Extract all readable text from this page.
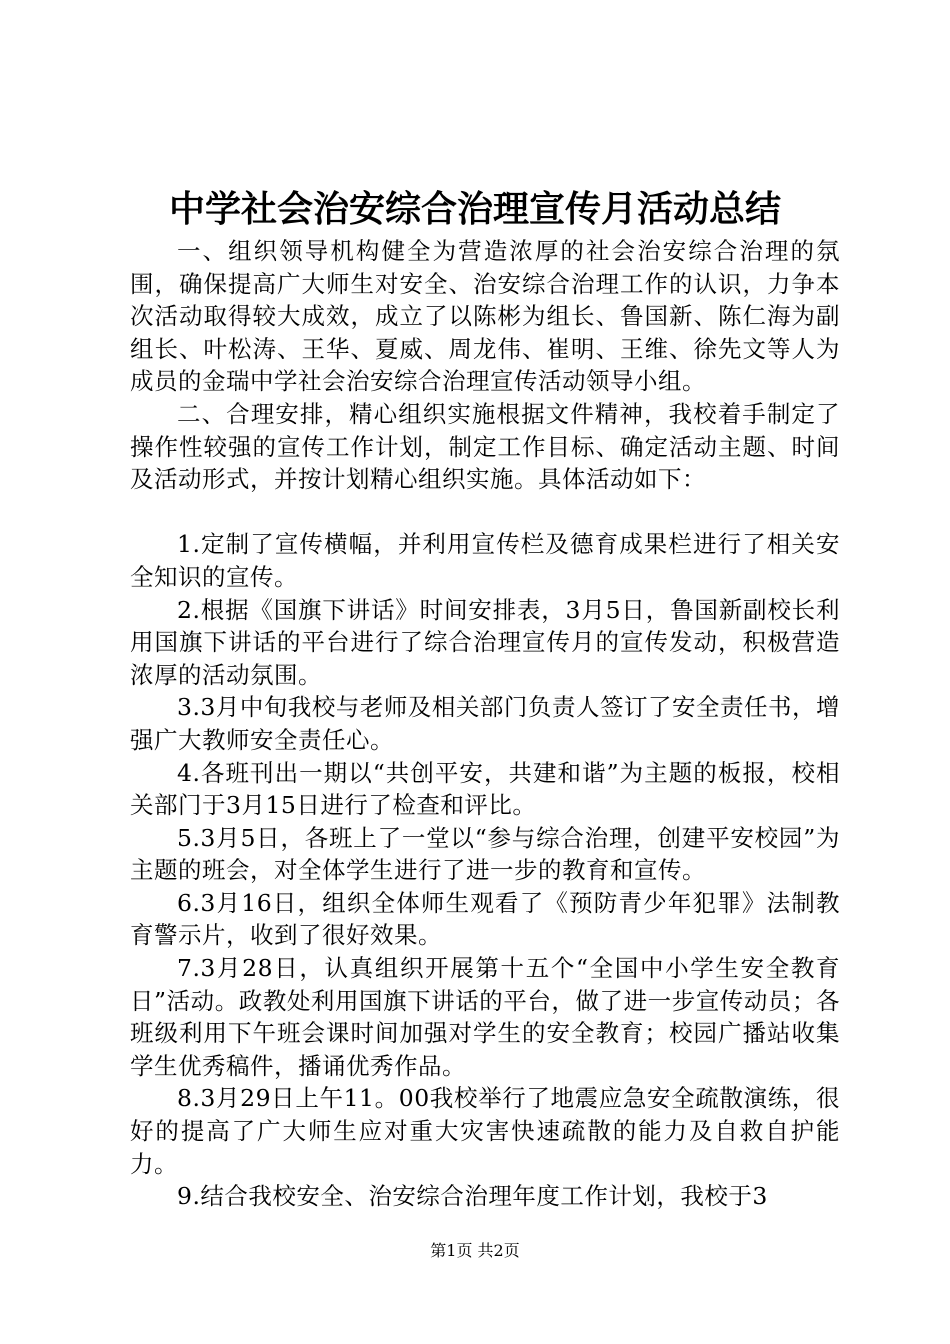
中学社会治安综合治理宣传月活动总结

一、组织领导机构健全为营造浓厚的社会治安综合治理的氛围，确保提高广大师生对安全、治安综合治理工作的认识，力争本次活动取得较大成效，成立了以陈彬为组长、鲁国新、陈仁海为副组长、叶松涛、王华、夏威、周龙伟、崔明、王维、徐先文等人为成员的金瑞中学社会治安综合治理宣传活动领导小组。

二、合理安排，精心组织实施根据文件精神，我校着手制定了操作性较强的宣传工作计划，制定工作目标、确定活动主题、时间及活动形式，并按计划精心组织实施。具体活动如下：

1.定制了宣传横幅，并利用宣传栏及德育成果栏进行了相关安全知识的宣传。

2.根据《国旗下讲话》时间安排表，3月5日，鲁国新副校长利用国旗下讲话的平台进行了综合治理宣传月的宣传发动，积极营造浓厚的活动氛围。

3.3月中旬我校与老师及相关部门负责人签订了安全责任书，增强广大教师安全责任心。

4.各班刊出一期以“共创平安，共建和谐”为主题的板报，校相关部门于3月15日进行了检查和评比。

5.3月5日，各班上了一堂以“参与综合治理，创建平安校园”为主题的班会，对全体学生进行了进一步的教育和宣传。

6.3月16日，组织全体师生观看了《预防青少年犯罪》法制教育警示片，收到了很好效果。

7.3月28日，认真组织开展第十五个“全国中小学生安全教育日”活动。政教处利用国旗下讲话的平台，做了进一步宣传动员；各班级利用下午班会课时间加强对学生的安全教育；校园广播站收集学生优秀稿件，播诵优秀作品。

8.3月29日上午11。00我校举行了地震应急安全疏散演练，很好的提高了广大师生应对重大灾害快速疏散的能力及自救自护能力。

9.结合我校安全、治安综合治理年度工作计划，我校于3

第1页 共2页
